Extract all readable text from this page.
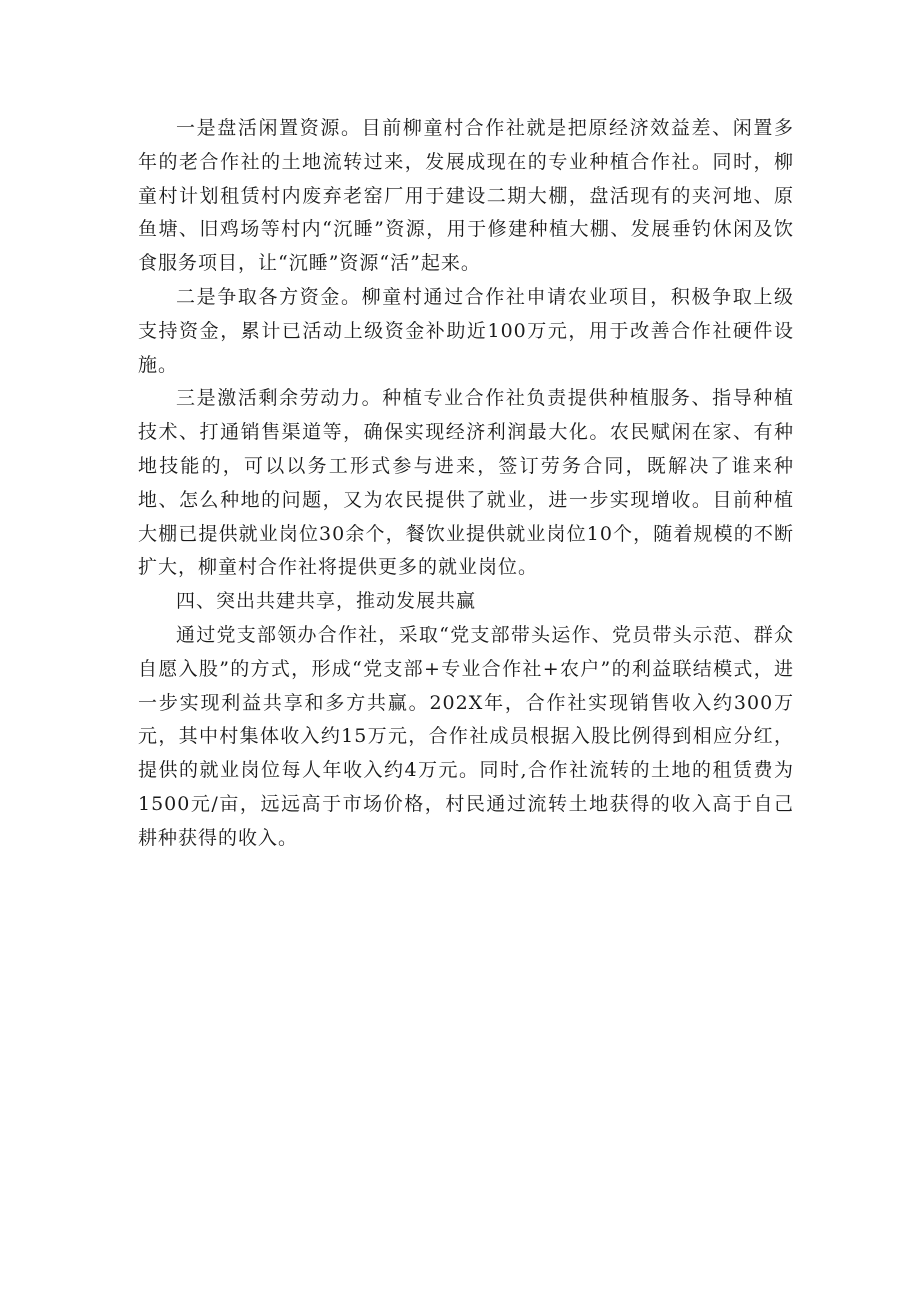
一是盘活闲置资源。目前柳童村合作社就是把原经济效益差、闲置多年的老合作社的土地流转过来，发展成现在的专业种植合作社。同时，柳童村计划租赁村内废弃老窑厂用于建设二期大棚，盘活现有的夹河地、原鱼塘、旧鸡场等村内“沉睡”资源，用于修建种植大棚、发展垂钓休闲及饮食服务项目，让“沉睡”资源“活”起来。

二是争取各方资金。柳童村通过合作社申请农业项目，积极争取上级支持资金，累计已活动上级资金补助近100万元，用于改善合作社硬件设施。

三是激活剩余劳动力。种植专业合作社负责提供种植服务、指导种植技术、打通销售渠道等，确保实现经济利润最大化。农民赋闲在家、有种地技能的，可以以务工形式参与进来，签订劳务合同，既解决了谁来种地、怎么种地的问题，又为农民提供了就业，进一步实现增收。目前种植大棚已提供就业岗位30余个，餐饮业提供就业岗位10个，随着规模的不断扩大，柳童村合作社将提供更多的就业岗位。

四、突出共建共享，推动发展共赢

通过党支部领办合作社，采取“党支部带头运作、党员带头示范、群众自愿入股”的方式，形成“党支部+专业合作社+农户”的利益联结模式，进一步实现利益共享和多方共赢。202X年，合作社实现销售收入约300万元，其中村集体收入约15万元，合作社成员根据入股比例得到相应分红，提供的就业岗位每人年收入约4万元。同时,合作社流转的土地的租赁费为1500元/亩，远远高于市场价格，村民通过流转土地获得的收入高于自己耕种获得的收入。
